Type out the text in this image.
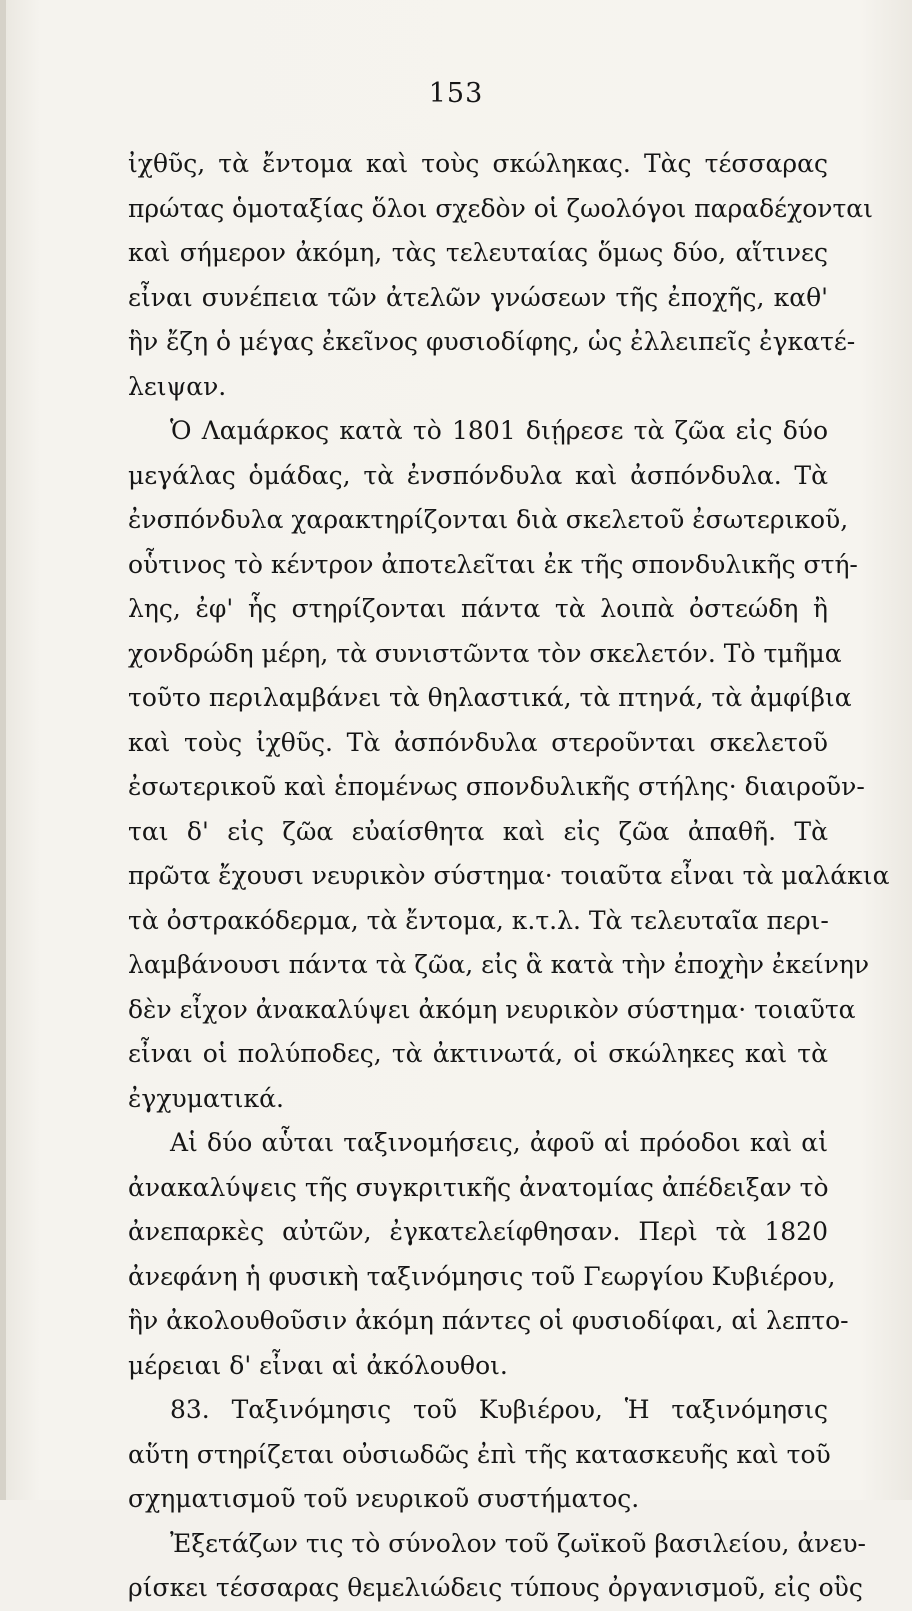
153
ἰχθῦς, τὰ ἔντομα καὶ τοὺς σκώληκας. Τὰς τέσσαρας
πρώτας ὁμοταξίας ὅλοι σχεδὸν οἱ ζωολόγοι παραδέχονται
καὶ σήμερον ἀκόμη, τὰς τελευταίας ὅμως δύο, αἵτινες
εἶναι συνέπεια τῶν ἀτελῶν γνώσεων τῆς ἐποχῆς, καθ'
ἣν ἔζη ὁ μέγας ἐκεῖνος φυσιοδίφης, ὡς ἐλλειπεῖς ἐγκατέ-
λειψαν.
Ὁ Λαμάρκος κατὰ τὸ 1801 διῄρεσε τὰ ζῶα εἰς δύο
μεγάλας ὁμάδας, τὰ ἐνσπόνδυλα καὶ ἀσπόνδυλα. Τὰ
ἐνσπόνδυλα χαρακτηρίζονται διὰ σκελετοῦ ἐσωτερικοῦ,
οὗτινος τὸ κέντρον ἀποτελεῖται ἐκ τῆς σπονδυλικῆς στή-
λης, ἐφ' ἧς στηρίζονται πάντα τὰ λοιπὰ ὀστεώδη ἢ
χονδρώδη μέρη, τὰ συνιστῶντα τὸν σκελετόν. Τὸ τμῆμα
τοῦτο περιλαμβάνει τὰ θηλαστικά, τὰ πτηνά, τὰ ἀμφίβια
καὶ τοὺς ἰχθῦς. Τὰ ἀσπόνδυλα στεροῦνται σκελετοῦ
ἐσωτερικοῦ καὶ ἑπομένως σπονδυλικῆς στήλης· διαιροῦν-
ται δ' εἰς ζῶα εὐαίσθητα καὶ εἰς ζῶα ἀπαθῆ. Τὰ
πρῶτα ἔχουσι νευρικὸν σύστημα· τοιαῦτα εἶναι τὰ μαλάκια
τὰ ὀστρακόδερμα, τὰ ἔντομα, κ.τ.λ. Τὰ τελευταῖα περι-
λαμβάνουσι πάντα τὰ ζῶα, εἰς ἃ κατὰ τὴν ἐποχὴν ἐκείνην
δὲν εἶχον ἀνακαλύψει ἀκόμη νευρικὸν σύστημα· τοιαῦτα
εἶναι οἱ πολύποδες, τὰ ἀκτινωτά, οἱ σκώληκες καὶ τὰ
ἐγχυματικά.
Αἱ δύο αὗται ταξινομήσεις, ἀφοῦ αἱ πρόοδοι καὶ αἱ
ἀνακαλύψεις τῆς συγκριτικῆς ἀνατομίας ἀπέδειξαν τὸ
ἀνεπαρκὲς αὐτῶν, ἐγκατελείφθησαν. Περὶ τὰ 1820
ἀνεφάνη ἡ φυσικὴ ταξινόμησις τοῦ Γεωργίου Κυβιέρου,
ἣν ἀκολουθοῦσιν ἀκόμη πάντες οἱ φυσιοδίφαι, αἱ λεπτο-
μέρειαι δ' εἶναι αἱ ἀκόλουθοι.
83. Ταξινόμησις τοῦ Κυβιέρου, Ἡ ταξινόμησις
αὕτη στηρίζεται οὐσιωδῶς ἐπὶ τῆς κατασκευῆς καὶ τοῦ
σχηματισμοῦ τοῦ νευρικοῦ συστήματος.
Ἐξετάζων τις τὸ σύνολον τοῦ ζωϊκοῦ βασιλείου, ἀνευ-
ρίσκει τέσσαρας θεμελιώδεις τύπους ὀργανισμοῦ, εἰς οὓς
